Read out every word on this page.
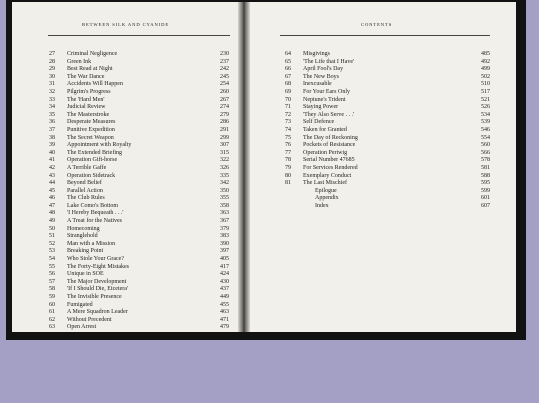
BETWEEN SILK AND CYANIDE
27 Criminal Negligence	230
28 Green Ink	237
29 Best Read at Night	242
30 The War Dance	245
31 Accidents Will Happen	254
32 Pilgrim's Progress	260
33 The 'Hard Men'	267
34 Judicial Review	274
35 The Masterstroke	279
36 Desperate Measures	286
37 Punitive Expedition	291
38 The Secret Weapon	299
39 Appointment with Royalty	307
40 The Extended Briefing	315
41 Operation Gift-horse	322
42 A Terrible Gaffe	326
43 Operation Sidetrack	335
44 Beyond Belief	342
45 Parallel Action	350
46 The Club Rules	355
47 Lake Como's Bottom	358
48 'I Hereby Bequeath . . .'	363
49 A Treat for the Natives	367
50 Homecoming	379
51 Stranglehold	383
52 Man with a Mission	390
53 Breaking Point	397
54 Who Stole Your Grace?	405
55 The Forty-Eight Mistakes	417
56 Unique in SOE	424
57 The Major Development	430
58 'If I Should Die, Etcetera'	437
59 The Invisible Presence	449
60 Fumigated	455
61 A Mere Squadron Leader	463
62 Without Precedent	471
63 Open Arrest	479
CONTENTS
64 Misgivings	485
65 'The Life that I Have'	492
66 April Fool's Day	499
67 The New Boys	502
68 Inexcusable	510
69 For Your Ears Only	517
70 Neptune's Trident	521
71 Staying Power	526
72 'They Also Serve . . .'	534
73 Self Defence	539
74 Taken for Granted	546
75 The Day of Reckoning	554
76 Pockets of Resistance	560
77 Operation Periwig	566
78 Serial Number 47685	578
79 For Services Rendered	581
80 Exemplary Conduct	588
81 The Last Mischief	595
Epilogue	599
Appendix	601
Index	607
